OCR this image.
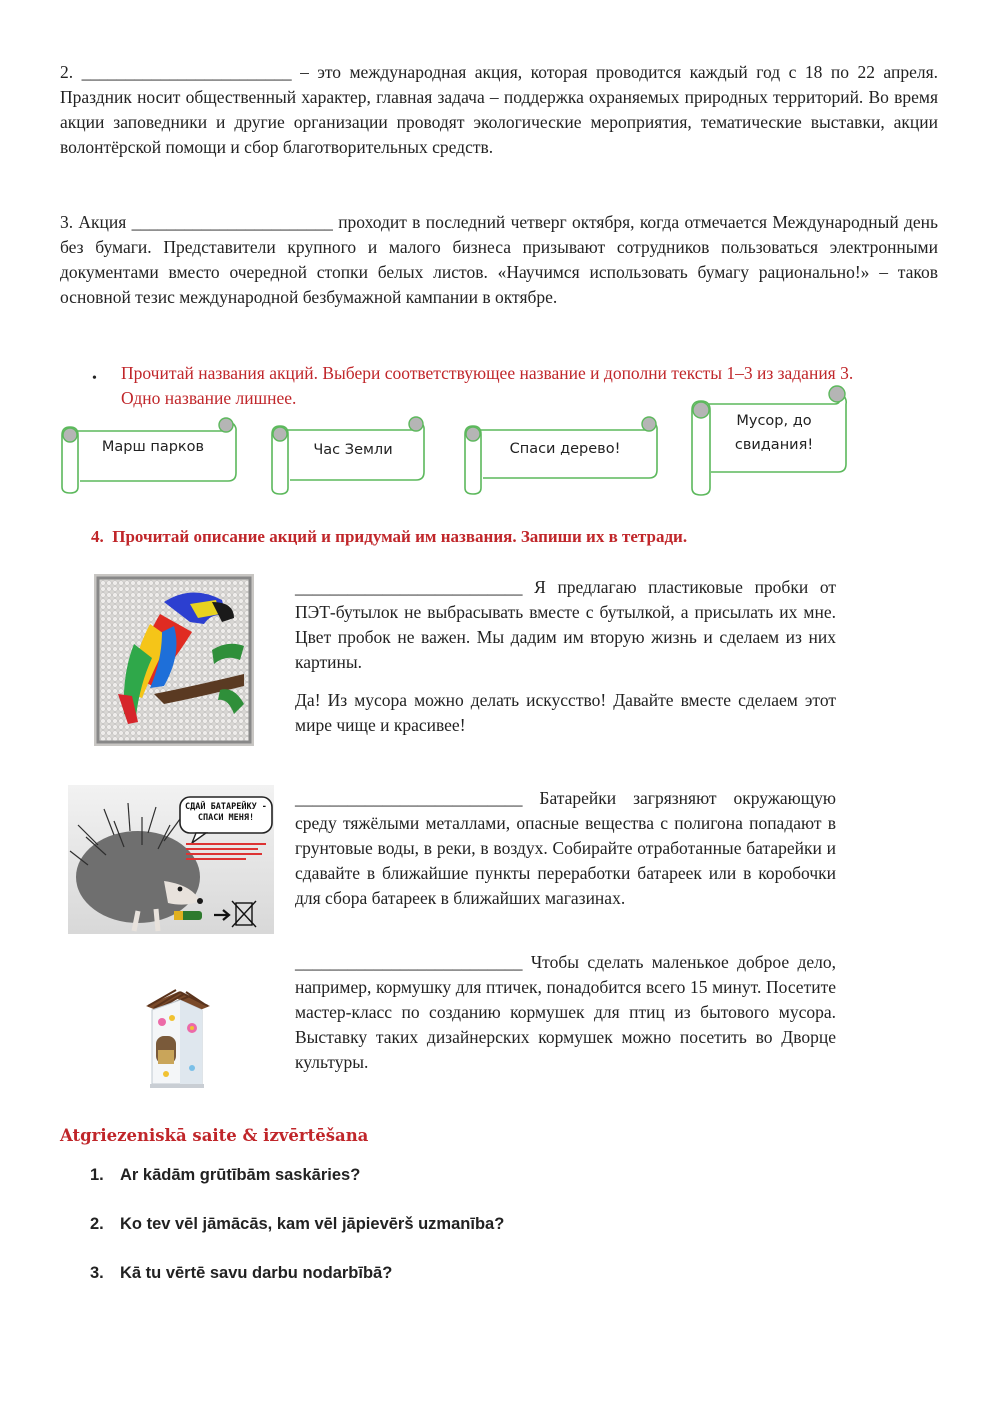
2. ________________________ – это международная акция, которая проводится каждый год с 18 по 22 апреля. Праздник носит общественный характер, главная задача – поддержка охраняемых природных территорий. Во время акции заповедники и другие организации проводят экологические мероприятия, тематические выставки, акции волонтёрской помощи и сбор благотворительных средств.

3. Акция _______________________ проходит в последний четверг октября, когда отмечается Международный день без бумаги. Представители крупного и малого бизнеса призывают сотрудников пользоваться электронными документами вместо очередной стопки белых листов. «Научимся использовать бумагу рационально!» – таков основной тезис международной безбумажной кампании в октябре.

• Прочитай названия акций. Выбери соответствующее название и дополни тексты 1–3 из задания 3. Одно название лишнее.
Марш парков	Час Земли	Спаси дерево!
Мусор, до
свидания!
4.  Прочитай описание акций и придумай им названия. Запиши их в тетради.

__________________________ Я предлагаю пластиковые пробки от ПЭТ-бутылок не выбрасывать вместе с бутылкой, а присылать их мне. Цвет пробок не важен. Мы дадим им вторую жизнь и сделаем из них картины.

Да! Из мусора можно делать искусство! Давайте вместе сделаем этот мире чище и красивее!

СДАЙ БАТАРЕЙКУ -
СПАСИ МЕНЯ!

__________________________ Батарейки загрязняют окружающую среду тяжёлыми металлами, опасные вещества с полигона попадают в грунтовые воды, в реки, в воздух. Собирайте отработанные батарейки и сдавайте в ближайшие пункты переработки батареек или в коробочки для сбора батареек в ближайших магазинах.

__________________________ Чтобы сделать маленькое доброе дело, например, кормушку для птичек, понадобится всего 15 минут. Посетите мастер-класс по созданию кормушек для птиц из бытового мусора. Выставку таких дизайнерских кормушек можно посетить во Дворце культуры.

Atgriezeniskā saite & izvērtēšana
1. Ar kādām grūtībām saskāries?
2. Ko tev vēl jāmācās, kam vēl jāpievērš uzmanība?
3. Kā tu vērtē savu darbu nodarbībā?
